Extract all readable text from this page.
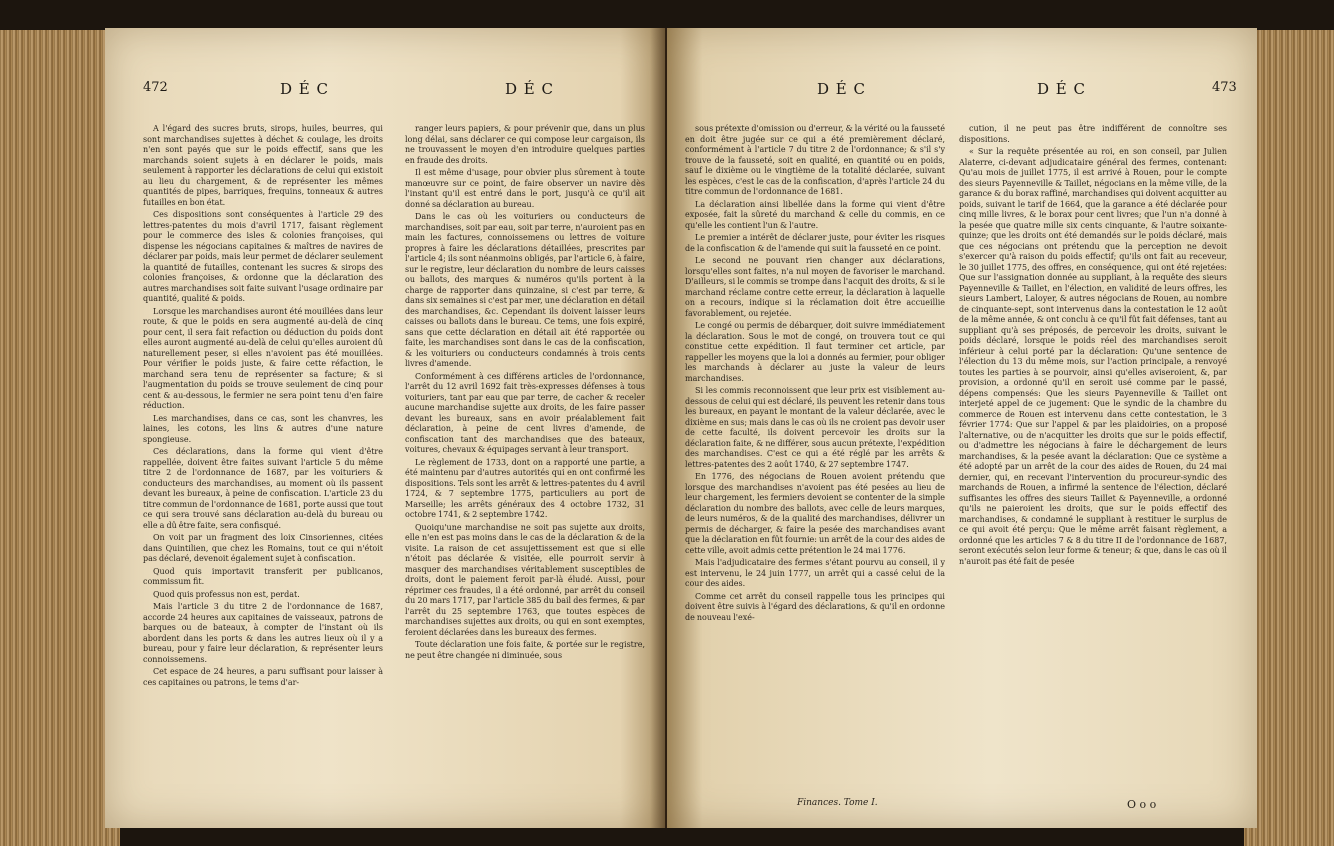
472	D É C	D É C

A l'égard des sucres bruts, sirops, huiles, beurres, qui sont marchandises sujettes à déchet & coulage, les droits n'en sont payés que sur le poids effectif, sans que les marchands soient sujets à en déclarer le poids, mais seulement à rapporter les déclarations de celui qui existoit au lieu du chargement, & de représenter les mêmes quantités de pipes, barriques, frequins, tonneaux & autres futailles en bon état.

Ces dispositions sont conséquentes à l'article 29 des lettres-patentes du mois d'avril 1717, faisant règlement pour le commerce des isles & colonies françoises, qui dispense les négocians capitaines & maîtres de navires de déclarer par poids, mais leur permet de déclarer seulement la quantité de futailles, contenant les sucres & sirops des colonies françoises, & ordonne que la déclaration des autres marchandises soit faite suivant l'usage ordinaire par quantité, qualité & poids.

Lorsque les marchandises auront été mouillées dans leur route, & que le poids en sera augmenté au-delà de cinq pour cent, il sera fait refaction ou déduction du poids dont elles auront augmenté au-delà de celui qu'elles auroient dû naturellement peser, si elles n'avoient pas été mouillées. Pour vérifier le poids juste, & faire cette réfaction, le marchand sera tenu de représenter sa facture; & si l'augmentation du poids se trouve seulement de cinq pour cent & au-dessous, le fermier ne sera point tenu d'en faire réduction.

Les marchandises, dans ce cas, sont les chanvres, les laines, les cotons, les lins & autres d'une nature spongieuse.

Ces déclarations, dans la forme qui vient d'être rappellée, doivent être faites suivant l'article 5 du même titre 2 de l'ordonnance de 1687, par les voituriers & conducteurs des marchandises, au moment où ils passent devant les bureaux, à peine de confiscation. L'article 23 du titre commun de l'ordonnance de 1681, porte aussi que tout ce qui sera trouvé sans déclaration au-delà du bureau ou elle a dû être faite, sera confisqué.

On voit par un fragment des loix Cinsoriennes, citées dans Quintilien, que chez les Romains, tout ce qui n'étoit pas déclaré, devenoit également sujet à confiscation.

Quod quis importavit transferit per publicanos, commissum fit.

Quod quis professus non est, perdat.

Mais l'article 3 du titre 2 de l'ordonnance de 1687, accorde 24 heures aux capitaines de vaisseaux, patrons de barques ou de bateaux, à compter de l'instant où ils abordent dans les ports & dans les autres lieux où il y a bureau, pour y faire leur déclaration, & représenter leurs connoissemens.

Cet espace de 24 heures, a paru suffisant pour laisser à ces capitaines ou patrons, le tems d'ar-

ranger leurs papiers, & pour prévenir que, dans un plus long délai, sans déclarer ce qui compose leur cargaison, ils ne trouvassent le moyen d'en introduire quelques parties en fraude des droits.

Il est même d'usage, pour obvier plus sûrement à toute manœuvre sur ce point, de faire observer un navire dès l'instant qu'il est entré dans le port, jusqu'à ce qu'il ait donné sa déclaration au bureau.

Dans le cas où les voituriers ou conducteurs de marchandises, soit par eau, soit par terre, n'auroient pas en main les factures, connoissemens ou lettres de voiture propres à faire les déclarations détaillées, prescrites par l'article 4; ils sont néanmoins obligés, par l'article 6, à faire, sur le registre, leur déclaration du nombre de leurs caisses ou ballots, des marques & numéros qu'ils portent à la charge de rapporter dans quinzaine, si c'est par terre, & dans six semaines si c'est par mer, une déclaration en détail des marchandises, &c. Cependant ils doivent laisser leurs caisses ou ballots dans le bureau. Ce tems, une fois expiré, sans que cette déclaration en détail ait été rapportée ou faite, les marchandises sont dans le cas de la confiscation, & les voituriers ou conducteurs condamnés à trois cents livres d'amende.

Conformément à ces différens articles de l'ordonnance, l'arrêt du 12 avril 1692 fait très-expresses défenses à tous voituriers, tant par eau que par terre, de cacher & receler aucune marchandise sujette aux droits, de les faire passer devant les bureaux, sans en avoir préalablement fait déclaration, à peine de cent livres d'amende, de confiscation tant des marchandises que des bateaux, voitures, chevaux & équipages servant à leur transport.

Le règlement de 1733, dont on a rapporté une partie, a été maintenu par d'autres autorités qui en ont confirmé les dispositions. Tels sont les arrêt & lettres-patentes du 4 avril 1724, & 7 septembre 1775, particuliers au port de Marseille; les arrêts généraux des 4 octobre 1732, 31 octobre 1741, & 2 septembre 1742.

Quoiqu'une marchandise ne soit pas sujette aux droits, elle n'en est pas moins dans le cas de la déclaration & de la visite. La raison de cet assujettissement est que si elle n'étoit pas déclarée & visitée, elle pourroit servir à masquer des marchandises véritablement susceptibles de droits, dont le paiement feroit par-là éludé. Aussi, pour réprimer ces fraudes, il a été ordonné, par arrêt du conseil du 20 mars 1717, par l'article 385 du bail des fermes, & par l'arrêt du 25 septembre 1763, que toutes espèces de marchandises sujettes aux droits, ou qui en sont exemptes, feroient déclarées dans les bureaux des fermes.

Toute déclaration une fois faite, & portée sur le registre, ne peut être changée ni diminuée, sous

D É C	D É C	473

sous prétexte d'omission ou d'erreur, & la vérité ou la fausseté en doit être jugée sur ce qui a été premièrement déclaré, conformément à l'article 7 du titre 2 de l'ordonnance; & s'il s'y trouve de la fausseté, soit en qualité, en quantité ou en poids, sauf le dixième ou le vingtième de la totalité déclarée, suivant les espèces, c'est le cas de la confiscation, d'après l'article 24 du titre commun de l'ordonnance de 1681.

La déclaration ainsi libellée dans la forme qui vient d'être exposée, fait la sûreté du marchand & celle du commis, en ce qu'elle les contient l'un & l'autre.

Le premier a intérêt de déclarer juste, pour éviter les risques de la confiscation & de l'amende qui suit la fausseté en ce point.

Le second ne pouvant rien changer aux déclarations, lorsqu'elles sont faites, n'a nul moyen de favoriser le marchand. D'ailleurs, si le commis se trompe dans l'acquit des droits, & si le marchand réclame contre cette erreur, la déclaration à laquelle on a recours, indique si la réclamation doit être accueillie favorablement, ou rejetée.

Le congé ou permis de débarquer, doit suivre immédiatement la déclaration. Sous le mot de congé, on trouvera tout ce qui constitue cette expédition. Il faut terminer cet article, par rappeller les moyens que la loi a donnés au fermier, pour obliger les marchands à déclarer au juste la valeur de leurs marchandises.

Si les commis reconnoissent que leur prix est visiblement au-dessous de celui qui est déclaré, ils peuvent les retenir dans tous les bureaux, en payant le montant de la valeur déclarée, avec le dixième en sus; mais dans le cas où ils ne croient pas devoir user de cette faculté, ils doivent percevoir les droits sur la déclaration faite, & ne différer, sous aucun prétexte, l'expédition des marchandises. C'est ce qui a été réglé par les arrêts & lettres-patentes des 2 août 1740, & 27 septembre 1747.

En 1776, des négocians de Rouen avoient prétendu que lorsque des marchandises n'avoient pas été pesées au lieu de leur chargement, les fermiers devoient se contenter de la simple déclaration du nombre des ballots, avec celle de leurs marques, de leurs numéros, & de la qualité des marchandises, délivrer un permis de décharger, & faire la pesée des marchandises avant que la déclaration en fût fournie: un arrêt de la cour des aides de cette ville, avoit admis cette prétention le 24 mai 1776.

Mais l'adjudicataire des fermes s'étant pourvu au conseil, il y est intervenu, le 24 juin 1777, un arrêt qui a cassé celui de la cour des aides.

Comme cet arrêt du conseil rappelle tous les principes qui doivent être suivis à l'égard des déclarations, & qu'il en ordonne de nouveau l'exé-

cution, il ne peut pas être indifférent de connoître ses dispositions.

« Sur la requête présentée au roi, en son conseil, par Julien Alaterre, ci-devant adjudicataire général des fermes, contenant: Qu'au mois de juillet 1775, il est arrivé à Rouen, pour le compte des sieurs Payenneville & Taillet, négocians en la même ville, de la garance & du borax raffiné, marchandises qui doivent acquitter au poids, suivant le tarif de 1664, que la garance a été déclarée pour cinq mille livres, & le borax pour cent livres; que l'un n'a donné à la pesée que quatre mille six cents cinquante, & l'autre soixante-quinze; que les droits ont été demandés sur le poids déclaré, mais que ces négocians ont prétendu que la perception ne devoit s'exercer qu'à raison du poids effectif; qu'ils ont fait au receveur, le 30 juillet 1775, des offres, en conséquence, qui ont été rejetées: Que sur l'assignation donnée au suppliant, à la requête des sieurs Payenneville & Taillet, en l'élection, en validité de leurs offres, les sieurs Lambert, Laloyer, & autres négocians de Rouen, au nombre de cinquante-sept, sont intervenus dans la contestation le 12 août de la même année, & ont conclu à ce qu'il fût fait défenses, tant au suppliant qu'à ses préposés, de percevoir les droits, suivant le poids déclaré, lorsque le poids réel des marchandises seroit inférieur à celui porté par la déclaration: Qu'une sentence de l'élection du 13 du même mois, sur l'action principale, a renvoyé toutes les parties à se pourvoir, ainsi qu'elles aviseroient, &, par provision, a ordonné qu'il en seroit usé comme par le passé, dépens compensés: Que les sieurs Payenneville & Taillet ont interjeté appel de ce jugement: Que le syndic de la chambre du commerce de Rouen est intervenu dans cette contestation, le 3 février 1774: Que sur l'appel & par les plaidoiries, on a proposé l'alternative, ou de n'acquitter les droits que sur le poids effectif, ou d'admettre les négocians à faire le déchargement de leurs marchandises, & la pesée avant la déclaration: Que ce système a été adopté par un arrêt de la cour des aides de Rouen, du 24 mai dernier, qui, en recevant l'intervention du procureur-syndic des marchands de Rouen, a infirmé la sentence de l'élection, déclaré suffisantes les offres des sieurs Taillet & Payenneville, a ordonné qu'ils ne paieroient les droits, que sur le poids effectif des marchandises, & condamné le suppliant à restituer le surplus de ce qui avoit été perçu: Que le même arrêt faisant règlement, a ordonné que les articles 7 & 8 du titre II de l'ordonnance de 1687, seront exécutés selon leur forme & teneur; & que, dans le cas où il n'auroit pas été fait de pesée

Finances. Tome I.	O o o
